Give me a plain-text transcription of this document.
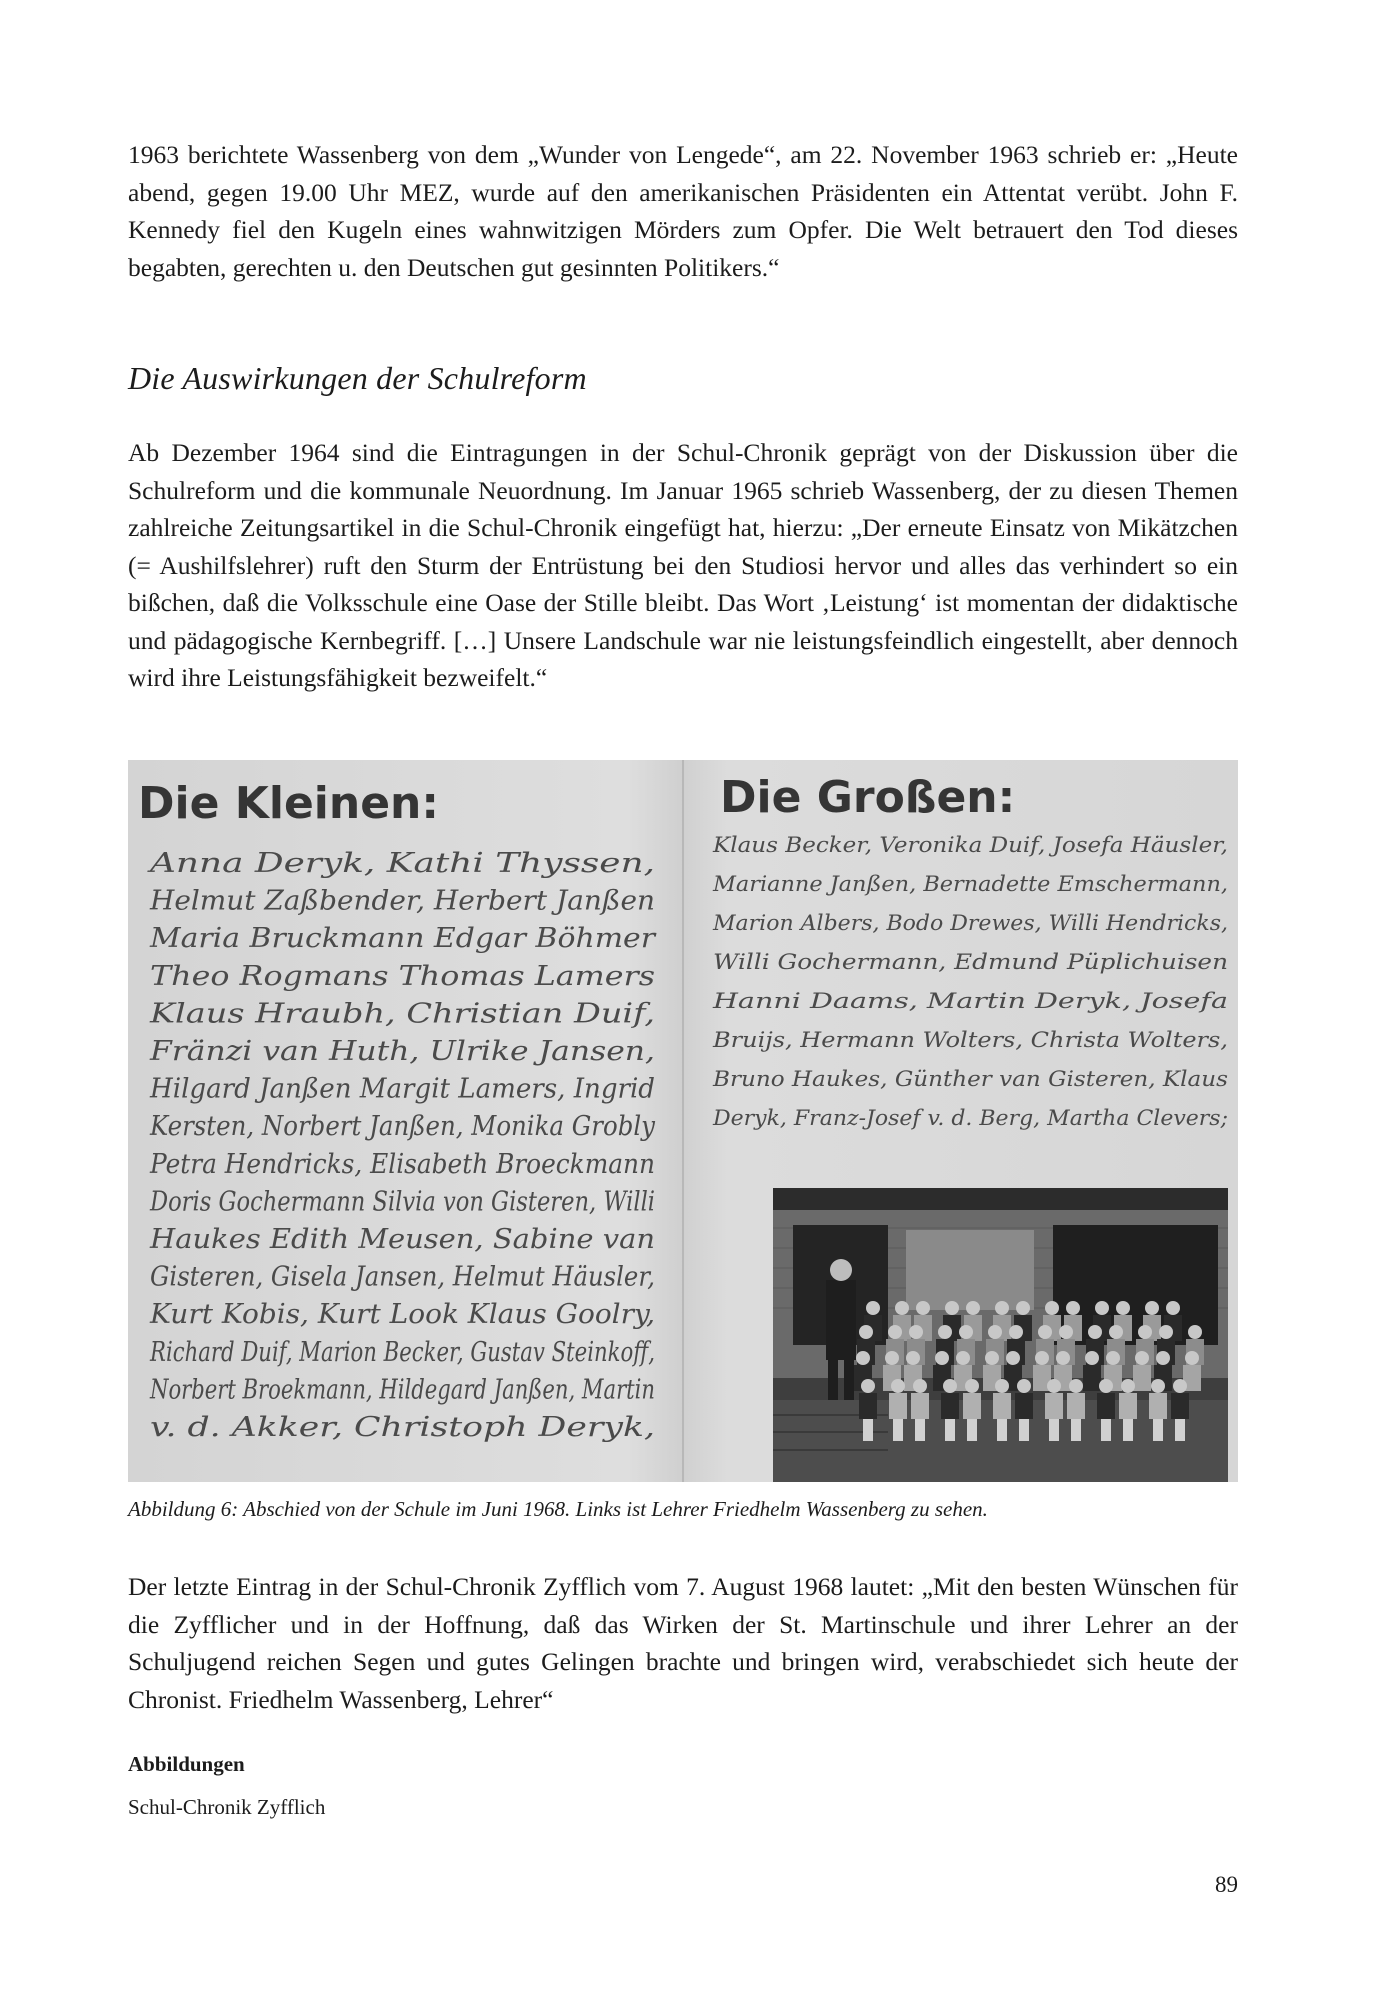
1963 berichtete Wassenberg von dem „Wunder von Lengede“, am 22. November 1963 schrieb er: „Heute abend, gegen 19.00 Uhr MEZ, wurde auf den amerikanischen Präsidenten ein Attentat verübt. John F. Kennedy fiel den Kugeln eines wahnwitzigen Mörders zum Opfer. Die Welt betrauert den Tod dieses begabten, gerechten u. den Deutschen gut gesinnten Politikers.“

Die Auswirkungen der Schulreform

Ab Dezember 1964 sind die Eintragungen in der Schul-Chronik geprägt von der Diskussion über die Schulreform und die kommunale Neuordnung. Im Januar 1965 schrieb Wassenberg, der zu diesen Themen zahlreiche Zeitungsartikel in die Schul-Chronik eingefügt hat, hierzu: „Der erneute Einsatz von Mikätzchen (= Aushilfslehrer) ruft den Sturm der Entrüstung bei den Studiosi hervor und alles das verhindert so ein bißchen, daß die Volksschule eine Oase der Stille bleibt. Das Wort ‚Leistung‘ ist momentan der didaktische und pädagogische Kernbegriff. […] Unsere Landschule war nie leistungsfeindlich eingestellt, aber dennoch wird ihre Leistungsfähigkeit bezweifelt.“

Die Kleinen:	Die Großen:
Anna Deryk, Kathi Thyssen,
Helmut Zaßbender, Herbert Janßen
Maria Bruckmann Edgar Böhmer
Theo Rogmans Thomas Lamers
Klaus Hraubh, Christian Duif,
Fränzi van Huth, Ulrike Jansen,
Hilgard Janßen Margit Lamers, Ingrid
Kersten, Norbert Janßen, Monika Grobly
Petra Hendricks, Elisabeth Broeckmann
Doris Gochermann Silvia von Gisteren, Willi
Haukes Edith Meusen, Sabine van
Gisteren, Gisela Jansen, Helmut Häusler,
Kurt Kobis, Kurt Look Klaus Goolry,
Richard Duif, Marion Becker, Gustav Steinkoff,
Norbert Broekmann, Hildegard Janßen, Martin
v. d. Akker, Christoph Deryk,
Klaus Becker, Veronika Duif, Josefa Häusler,
Marianne Janßen, Bernadette Emschermann,
Marion Albers, Bodo Drewes, Willi Hendricks,
Willi Gochermann, Edmund Püplichuisen
Hanni Daams, Martin Deryk, Josefa
Bruijs, Hermann Wolters, Christa Wolters,
Bruno Haukes, Günther van Gisteren, Klaus
Deryk, Franz-Josef v. d. Berg, Martha Clevers;

Abbildung 6: Abschied von der Schule im Juni 1968. Links ist Lehrer Friedhelm Wassenberg zu sehen.

Der letzte Eintrag in der Schul-Chronik Zyfflich vom 7. August 1968 lautet: „Mit den besten Wünschen für die Zyfflicher und in der Hoffnung, daß das Wirken der St. Martinschule und ihrer Lehrer an der Schuljugend reichen Segen und gutes Gelingen brachte und bringen wird, verabschiedet sich heute der Chronist. Friedhelm Wassenberg, Lehrer“

Abbildungen

Schul-Chronik Zyfflich

89
